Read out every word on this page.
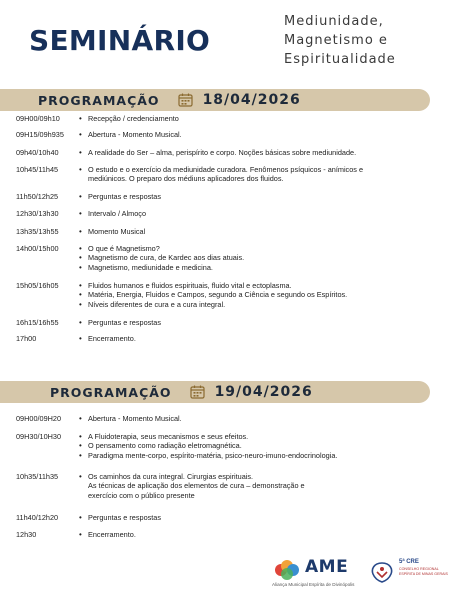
SEMINÁRIO
Mediunidade,
Magnetismo e
Espiritualidade
PROGRAMAÇÃO	18/04/2026
09H00/09h10	• Recepção / credenciamento
09H15/09h935	• Abertura - Momento Musical.
09h40/10h40	• A realidade do Ser – alma, perispírito e corpo. Noções básicas sobre mediunidade.
10h45/11h45	• O estudo e o exercício da mediunidade curadora. Fenômenos psíquicos - anímicos e
mediúnicos. O preparo dos médiuns aplicadores dos fluidos.
11h50/12h25	• Perguntas e respostas
12h30/13h30	• Intervalo / Almoço
13h35/13h55	• Momento Musical
14h00/15h00	• O que é Magnetismo?
• Magnetismo de cura, de Kardec aos dias atuais.
• Magnetismo, mediunidade e medicina.
15h05/16h05	• Fluidos humanos e fluidos espirituais, fluido vital e ectoplasma.
• Matéria, Energia, Fluidos e Campos, segundo a Ciência e segundo os Espíritos.
• Níveis diferentes de cura e a cura integral.
16h15/16h55	• Perguntas e respostas
17h00	• Encerramento.
PROGRAMAÇÃO	19/04/2026
09H00/09H20	• Abertura - Momento Musical.
09H30/10H30	• A Fluidoterapia, seus mecanismos e seus efeitos.
• O pensamento como radiação eletromagnética.
• Paradigma mente-corpo, espírito-matéria, psico-neuro-imuno-endocrinologia.
10h35/11h35	• Os caminhos da cura integral. Cirurgias espirituais.
As técnicas de aplicação dos elementos de cura – demonstração e
exercício com o público presente
11h40/12h20	• Perguntas e respostas
12h30	• Encerramento.
AME
Aliança Municipal Espírita de Divinópolis
5ª CRE
CONSELHO REGIONAL ESPÍRITA DE MINAS GERAIS
